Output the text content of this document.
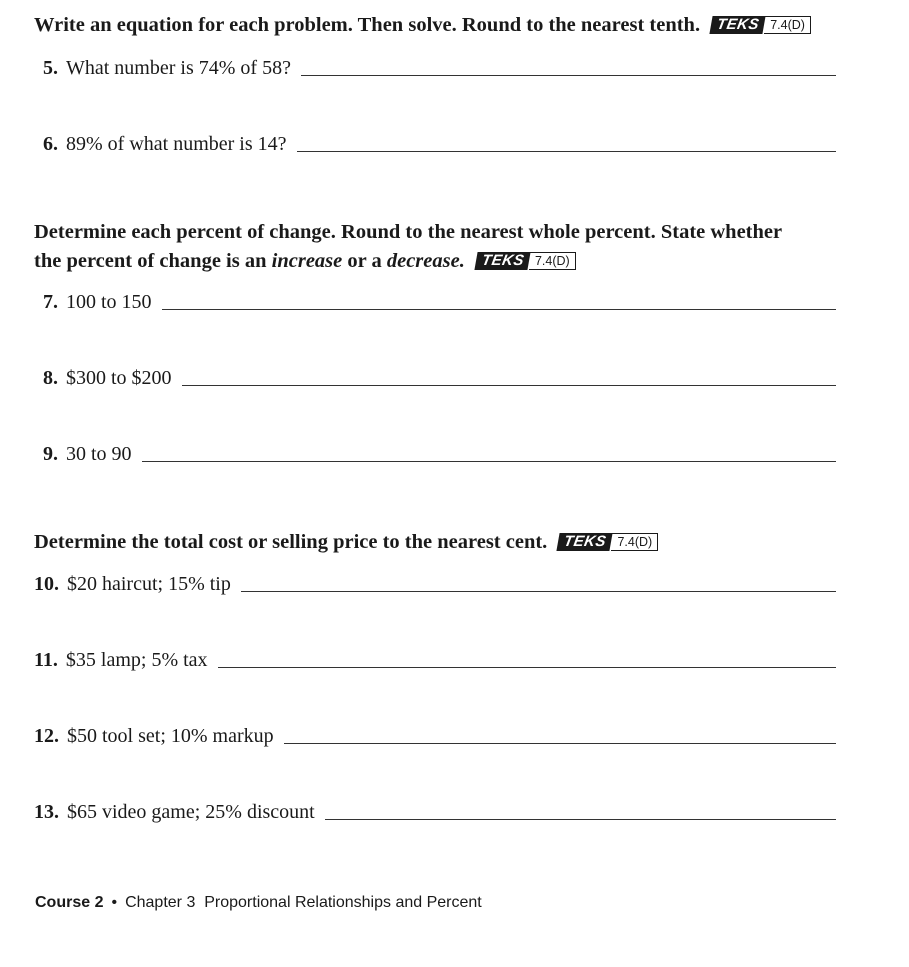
Write an equation for each problem. Then solve. Round to the nearest tenth.	TEKS 7.4(D)
5. What number is 74% of 58?
6. 89% of what number is 14?
Determine each percent of change. Round to the nearest whole percent. State whether
the percent of change is an increase or a decrease.	TEKS 7.4(D)
7. 100 to 150
8. $300 to $200
9. 30 to 90
Determine the total cost or selling price to the nearest cent.	TEKS 7.4(D)
10. $20 haircut; 15% tip
11. $35 lamp; 5% tax
12. $50 tool set; 10% markup
13. $65 video game; 25% discount
Course 2 • Chapter 3  Proportional Relationships and Percent
